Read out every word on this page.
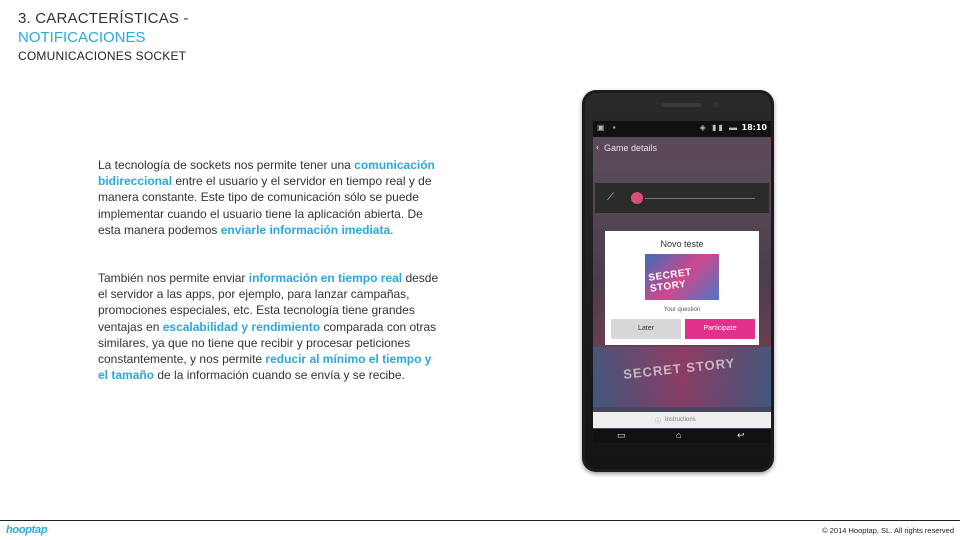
3. CARACTERÍSTICAS -
NOTIFICACIONES
COMUNICACIONES SOCKET
La tecnología de sockets nos permite tener una comunicación bidireccional entre el usuario y el servidor en tiempo real y de manera constante. Este tipo de comunicación sólo se puede implementar cuando el usuario tiene la aplicación abierta. De esta manera podemos enviarle información imediata.
También nos permite enviar información en tiempo real desde el servidor a las apps, por ejemplo, para lanzar campañas, promociones especiales, etc. Esta tecnología tiene grandes ventajas en escalabilidad y rendimiento comparada con otras similares, ya que no tiene que recibir y procesar peticiones constantemente, y nos permite reducir al mínimo el tiempo y el tamaño de la información cuando se envía y se recibe.
▣ ▪	◈ ▮▮ ▬ 18:10
‹ Game details
SECRET STORY
⟋
Novo teste
SECRET STORY
Your question
Later	Participate
ⓘ Instructions
▭	⌂	↩
hooptap	© 2014 Hooptap, SL. All rights reserved
